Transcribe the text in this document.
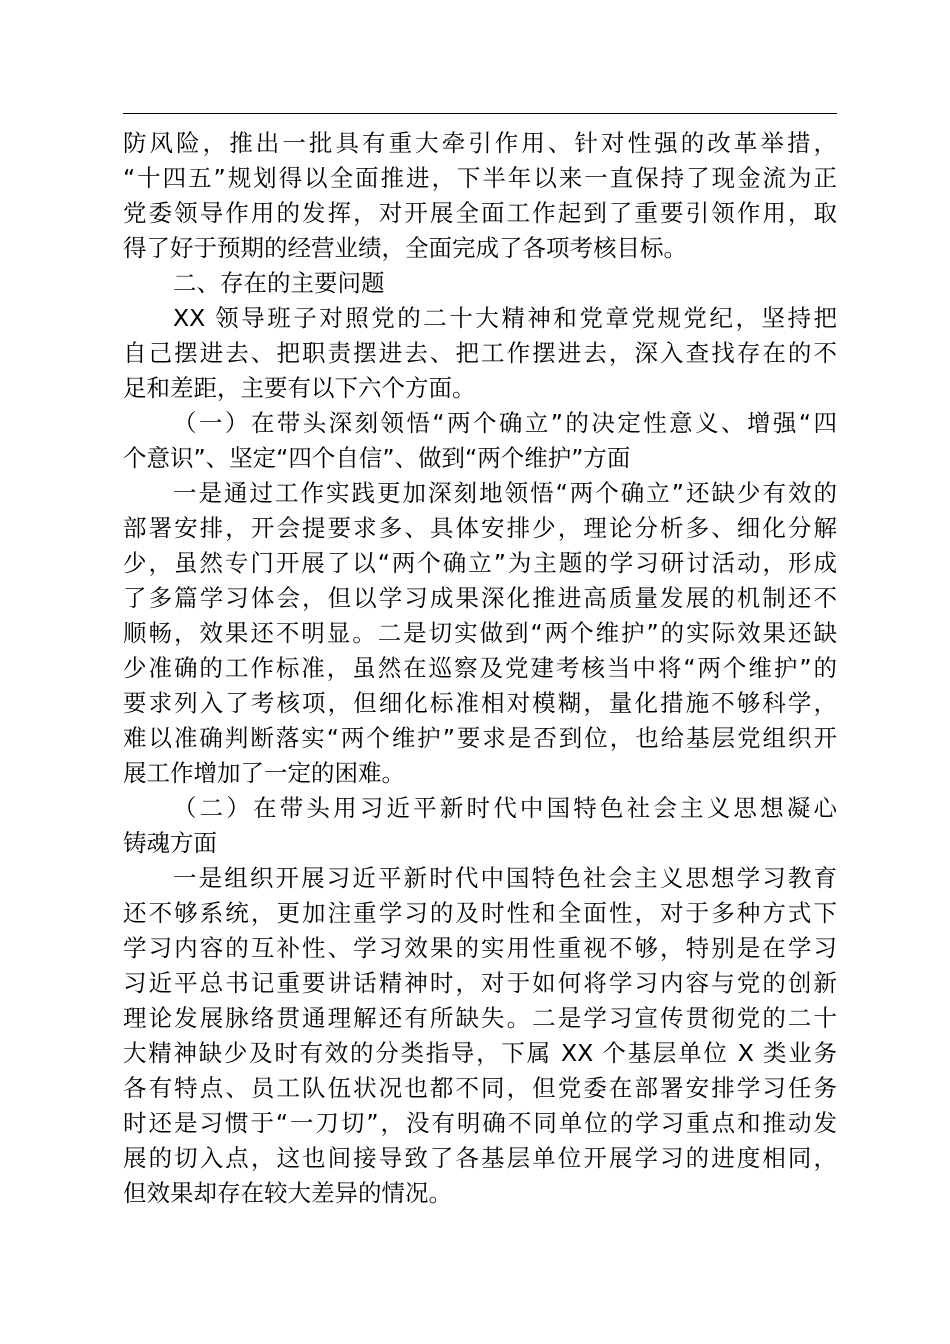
防风险，推出一批具有重大牵引作用、针对性强的改革举措，

“十四五”规划得以全面推进，下半年以来一直保持了现金流为正

党委领导作用的发挥，对开展全面工作起到了重要引领作用，取

得了好于预期的经营业绩，全面完成了各项考核目标。

二、存在的主要问题

XX 领导班子对照党的二十大精神和党章党规党纪，坚持把

自己摆进去、把职责摆进去、把工作摆进去，深入查找存在的不

足和差距，主要有以下六个方面。

（一）在带头深刻领悟“两个确立”的决定性意义、增强“四

个意识”、坚定“四个自信”、做到“两个维护”方面

一是通过工作实践更加深刻地领悟“两个确立”还缺少有效的

部署安排，开会提要求多、具体安排少，理论分析多、细化分解

少，虽然专门开展了以“两个确立”为主题的学习研讨活动，形成

了多篇学习体会，但以学习成果深化推进高质量发展的机制还不

顺畅，效果还不明显。二是切实做到“两个维护”的实际效果还缺

少准确的工作标准，虽然在巡察及党建考核当中将“两个维护”的

要求列入了考核项，但细化标准相对模糊，量化措施不够科学，

难以准确判断落实“两个维护”要求是否到位，也给基层党组织开

展工作增加了一定的困难。

（二）在带头用习近平新时代中国特色社会主义思想凝心

铸魂方面

一是组织开展习近平新时代中国特色社会主义思想学习教育

还不够系统，更加注重学习的及时性和全面性，对于多种方式下

学习内容的互补性、学习效果的实用性重视不够，特别是在学习

习近平总书记重要讲话精神时，对于如何将学习内容与党的创新

理论发展脉络贯通理解还有所缺失。二是学习宣传贯彻党的二十

大精神缺少及时有效的分类指导，下属 XX 个基层单位 X 类业务

各有特点、员工队伍状况也都不同，但党委在部署安排学习任务

时还是习惯于“一刀切”，没有明确不同单位的学习重点和推动发

展的切入点，这也间接导致了各基层单位开展学习的进度相同，

但效果却存在较大差异的情况。
